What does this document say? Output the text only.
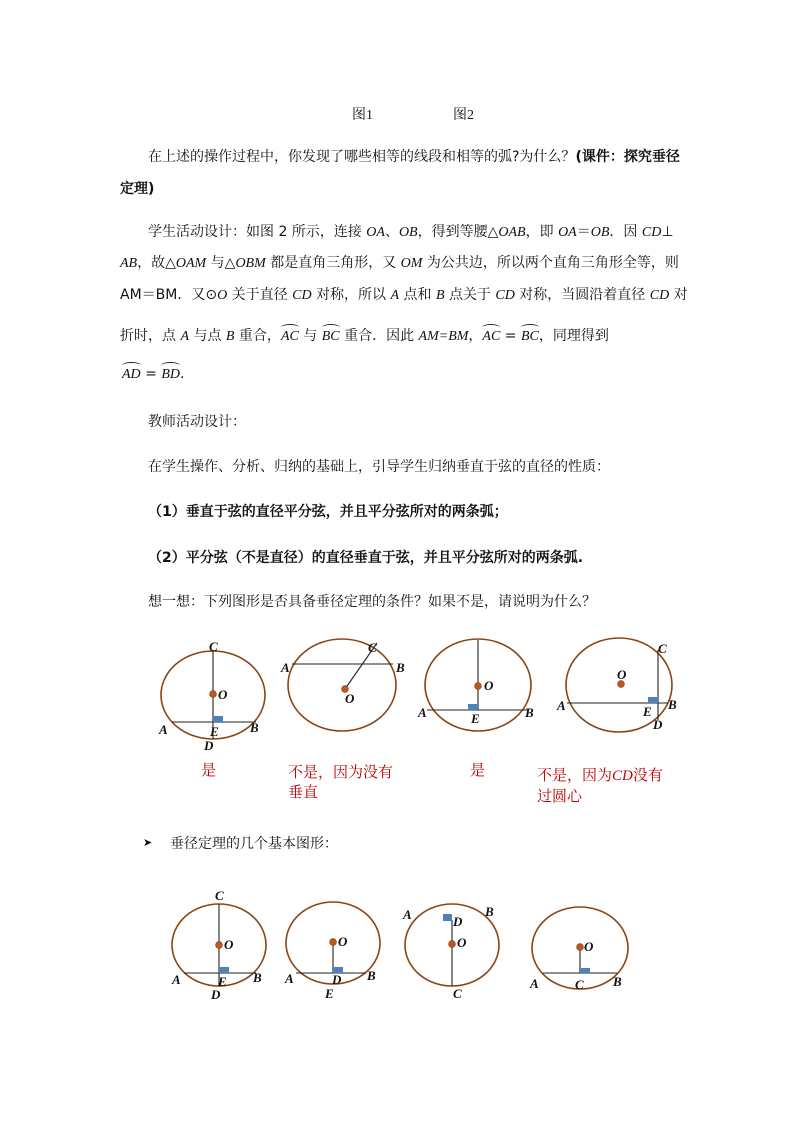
图1	图2
在上述的操作过程中，你发现了哪些相等的线段和相等的弧?为什么？(课件：探究垂径
定理)
学生活动设计：如图 2 所示，连接 OA、OB，得到等腰△OAB，即 OA＝OB．因 CD⊥
AB，故△OAM 与△OBM 都是直角三角形，又 OM 为公共边，所以两个直角三角形全等，则
AM＝BM．又⊙O 关于直径 CD 对称，所以 A 点和 B 点关于 CD 对称，当圆沿着直径 CD 对
折时，点 A 与点 B 重合，AC 与 BC 重合．因此 AM=BM，AC = BC，同理得到
AD = BD.
教师活动设计：
在学生操作、分析、归纳的基础上，引导学生归纳垂直于弦的直径的性质：
（1）垂直于弦的直径平分弦，并且平分弦所对的两条弧；
（2）平分弦（不是直径）的直径垂直于弦，并且平分弦所对的两条弧.
想一想：下列图形是否具备垂径定理的条件？如果不是，请说明为什么？
是	不是，因为没有
垂直
是	不是，因为CD没有
过圆心
➤ 垂径定理的几个基本图形：
C
O
A	B
E
D
C
A	B
O
O
A	B
E
C
O
A	B
E
D
C
O
A	B
E
D
O
A	B
D
E
A	B
D
O
C
O
A	B
C
